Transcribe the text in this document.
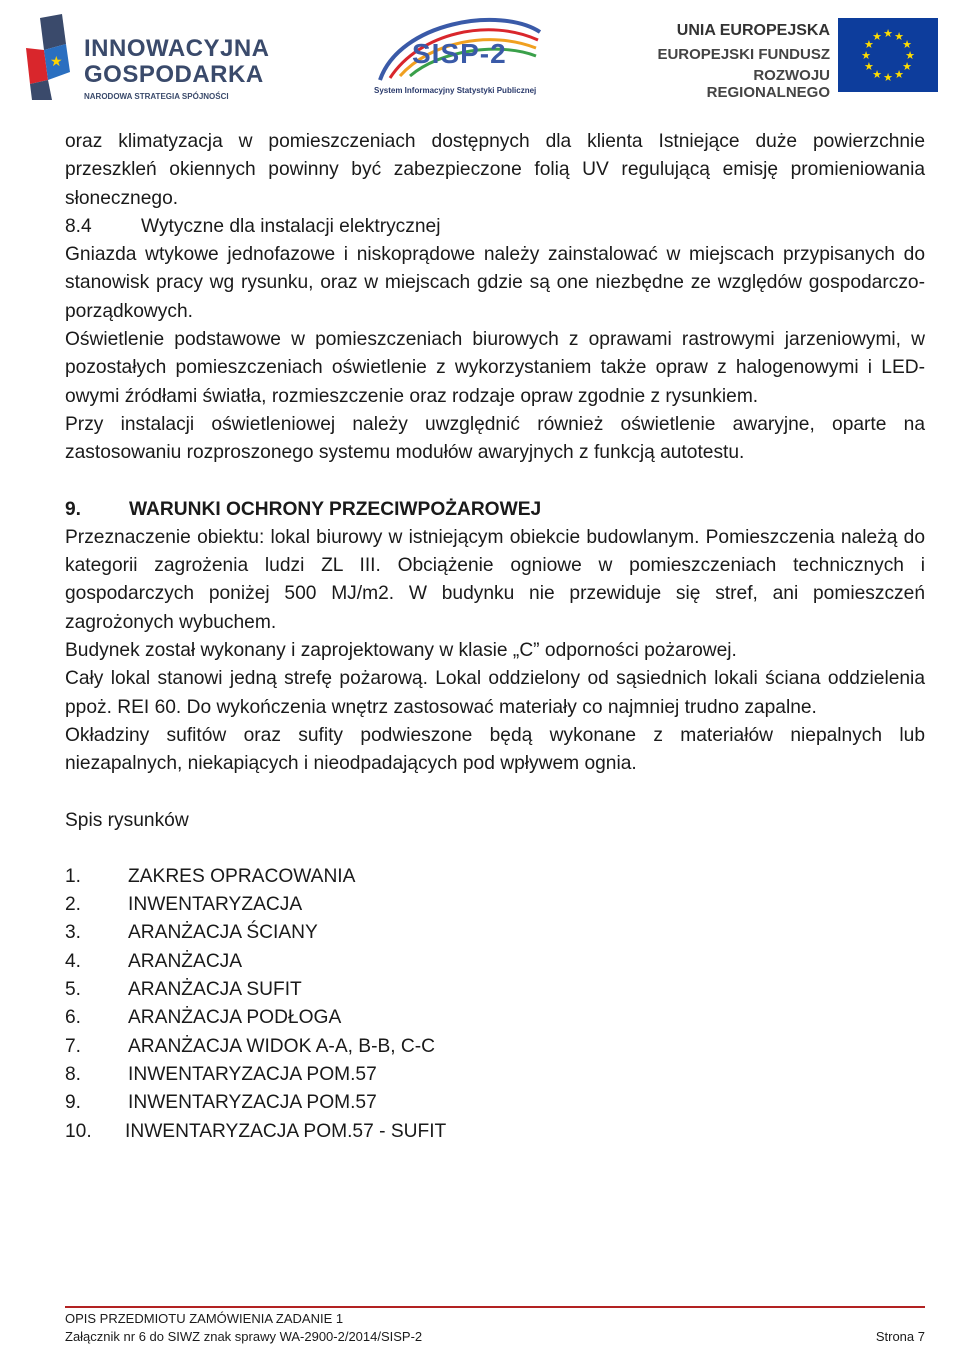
★ INNOWACYJNA
GOSPODARKA
NARODOWA STRATEGIA SPÓJNOŚCI
SISP-2
System Informacyjny Statystyki Publicznej
UNIA EUROPEJSKA
EUROPEJSKI FUNDUSZ
ROZWOJU REGIONALNEGO
★ ★
★
★
★
★
★
★
★
★
★
★

oraz klimatyzacja w pomieszczeniach dostępnych dla klienta Istniejące duże powierzchnie przeszkleń okiennych powinny być zabezpieczone folią UV regulującą emisję promieniowania słonecznego.

8.4	Wytyczne dla instalacji elektrycznej

Gniazda wtykowe jednofazowe i niskoprądowe należy zainstalować w miejscach przypisanych do stanowisk pracy wg rysunku, oraz w miejscach gdzie są one niezbędne ze względów gospodarczo-porządkowych.

Oświetlenie podstawowe w pomieszczeniach biurowych z oprawami rastrowymi jarzeniowymi, w pozostałych pomieszczeniach oświetlenie z wykorzystaniem także opraw z halogenowymi i LED- owymi źródłami światła, rozmieszczenie oraz rodzaje opraw zgodnie z rysunkiem.

Przy instalacji oświetleniowej należy uwzględnić również oświetlenie awaryjne, oparte na zastosowaniu rozproszonego systemu modułów awaryjnych z funkcją autotestu.

9. WARUNKI OCHRONY PRZECIWPOŻAROWEJ

Przeznaczenie obiektu: lokal biurowy w istniejącym obiekcie budowlanym. Pomieszczenia należą do kategorii zagrożenia ludzi ZL III. Obciążenie ogniowe w pomieszczeniach technicznych i gospodarczych poniżej 500 MJ/m2. W budynku nie przewiduje się stref, ani pomieszczeń zagrożonych wybuchem.

Budynek został wykonany i zaprojektowany w klasie „C” odporności pożarowej.

Cały lokal stanowi jedną strefę pożarową. Lokal oddzielony od sąsiednich lokali ściana oddzielenia ppoż. REI 60. Do wykończenia wnętrz zastosować materiały co najmniej trudno zapalne.

Okładziny sufitów oraz sufity podwieszone będą wykonane z materiałów niepalnych lub niezapalnych, niekapiących i nieodpadających pod wpływem ognia.

Spis rysunków
1.	ZAKRES OPRACOWANIA
2.	INWENTARYZACJA
3.	ARANŻACJA ŚCIANY
4.	ARANŻACJA
5.	ARANŻACJA SUFIT
6.	ARANŻACJA PODŁOGA
7.	ARANŻACJA WIDOK A-A, B-B, C-C
8.	INWENTARYZACJA POM.57
9.	INWENTARYZACJA POM.57
10.	INWENTARYZACJA POM.57 - SUFIT
OPIS PRZEDMIOTU ZAMÓWIENIA ZADANIE 1
Załącznik nr 6 do SIWZ znak sprawy WA-2900-2/2014/SISP-2	Strona 7
